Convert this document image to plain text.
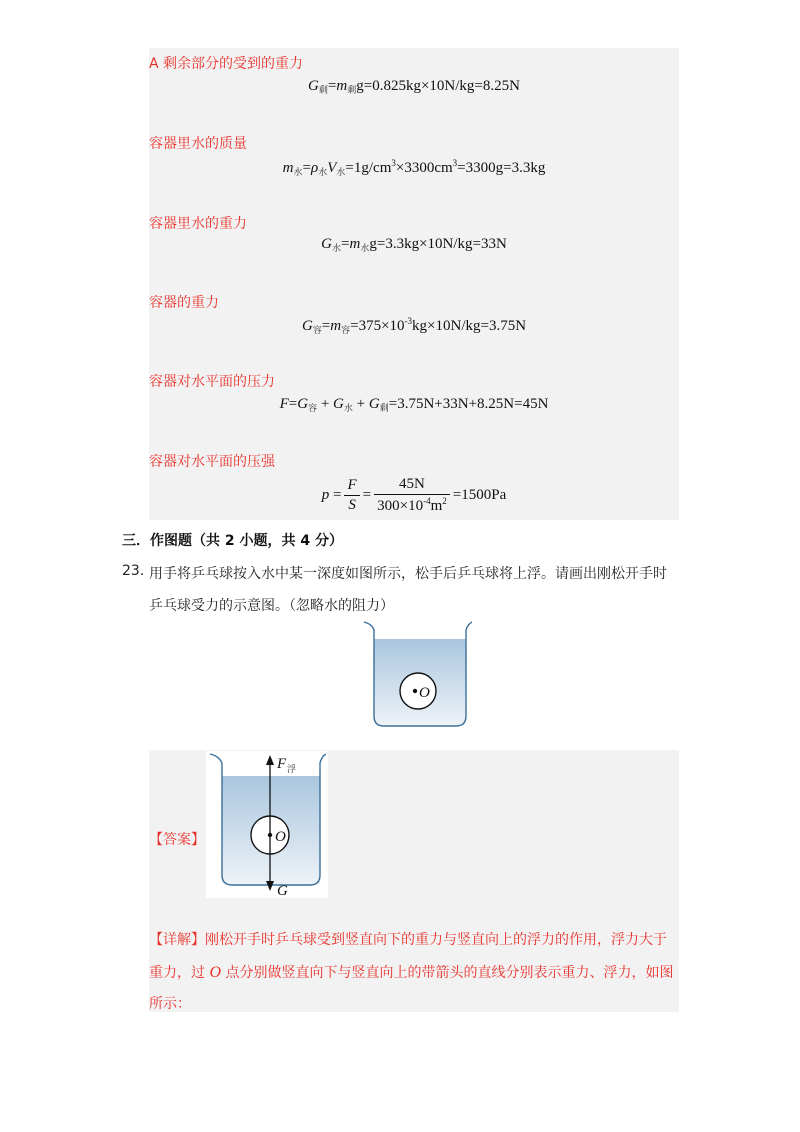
A 剩余部分的受到的重力
$G_剩=m_剩g=0.825kg\times 10N/kg=8.25N$
容器里水的质量
$m_水=\rho_水V_水=1g/cm^3\times 3300cm^3=3300g=3.3kg$
容器里水的重力
$G_水=m_水g=3.3kg\times 10N/kg=33N$
容器的重力
$G_容=m_容=375\times 10^{-3}kg\times 10N/kg=3.75N$
容器对水平面的压力
$F=G_容 + G_水 + G_剩=3.75N+33N+8.25N=45N$
容器对水平面的压强
$p = \frac{F}{S} = \frac{45N}{300\times 10^{-4}m^2} =1500Pa$
三．作图题（共 2 小题，共 4 分）
23. 用手将乒乓球按入水中某一深度如图所示，松手后乒乓球将上浮。请画出刚松开手时
乒乓球受力的示意图。（忽略水的阻力）
O
【答案】	O
F 浮
G
【详解】刚松开手时乒乓球受到竖直向下的重力与竖直向上的浮力的作用，浮力大于
重力，过 O 点分别做竖直向下与竖直向上的带箭头的直线分别表示重力、浮力，如图
所示：
